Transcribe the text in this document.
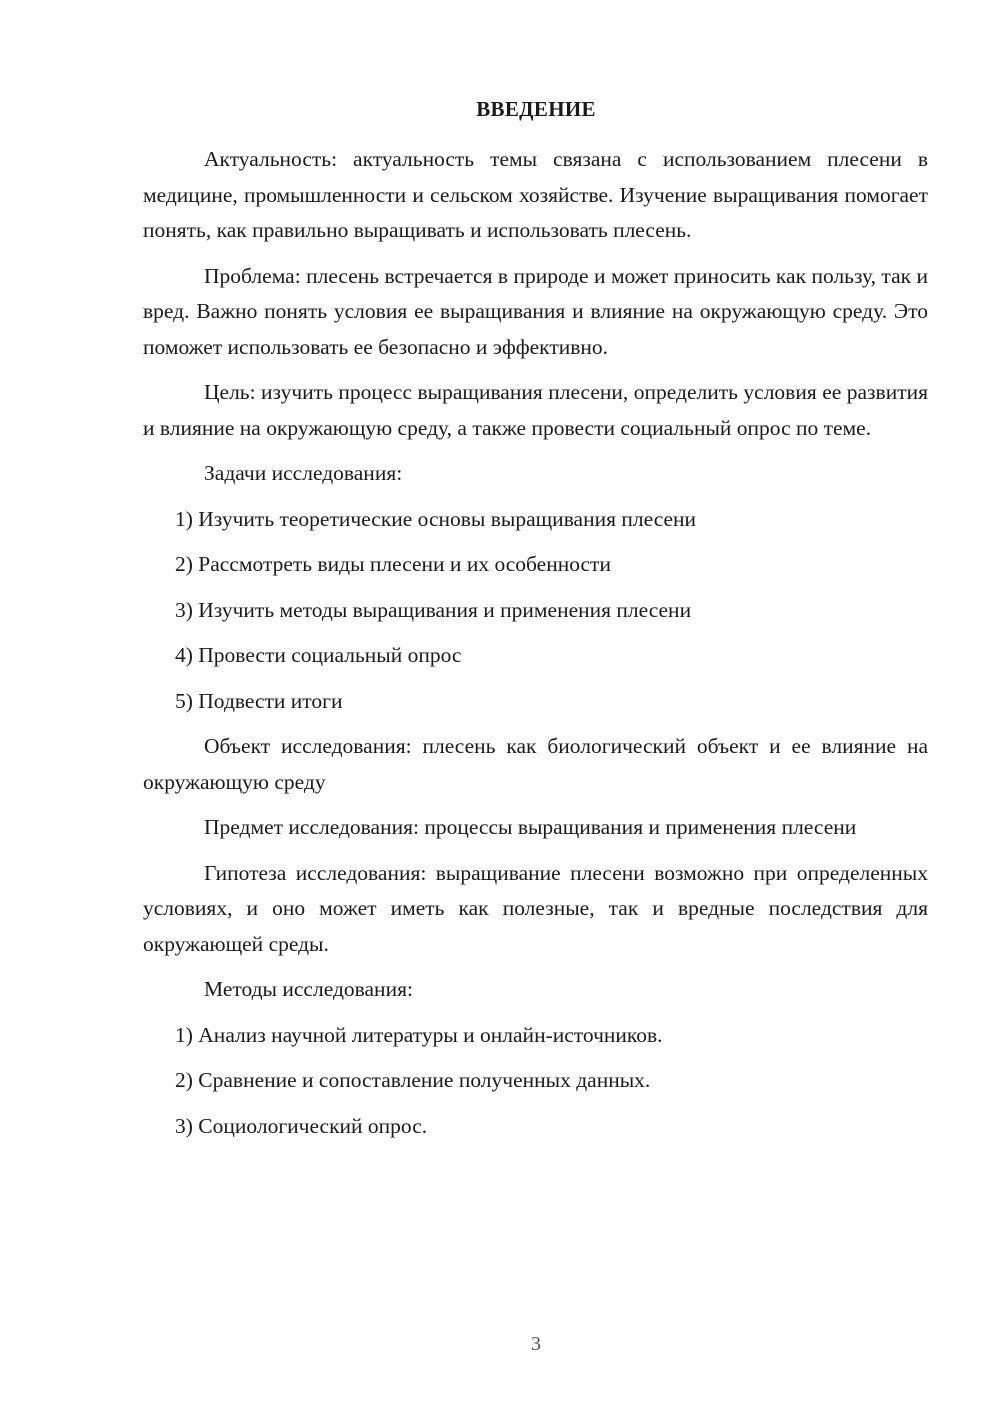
ВВЕДЕНИЕ

Актуальность: актуальность темы связана с использованием плесени в медицине, промышленности и сельском хозяйстве. Изучение выращивания помогает понять, как правильно выращивать и использовать плесень.

Проблема: плесень встречается в природе и может приносить как пользу, так и вред. Важно понять условия ее выращивания и влияние на окружающую среду. Это поможет использовать ее безопасно и эффективно.

Цель: изучить процесс выращивания плесени, определить условия ее развития и влияние на окружающую среду, а также провести социальный опрос по теме.

Задачи исследования:

1) Изучить теоретические основы выращивания плесени

2) Рассмотреть виды плесени и их особенности

3) Изучить методы выращивания и применения плесени

4) Провести социальный опрос

5) Подвести итоги

Объект исследования: плесень как биологический объект и ее влияние на окружающую среду

Предмет исследования: процессы выращивания и применения плесени

Гипотеза исследования: выращивание плесени возможно при определенных условиях, и оно может иметь как полезные, так и вредные последствия для окружающей среды.

Методы исследования:

1) Анализ научной литературы и онлайн-источников.

2) Сравнение и сопоставление полученных данных.

3) Социологический опрос.

3
